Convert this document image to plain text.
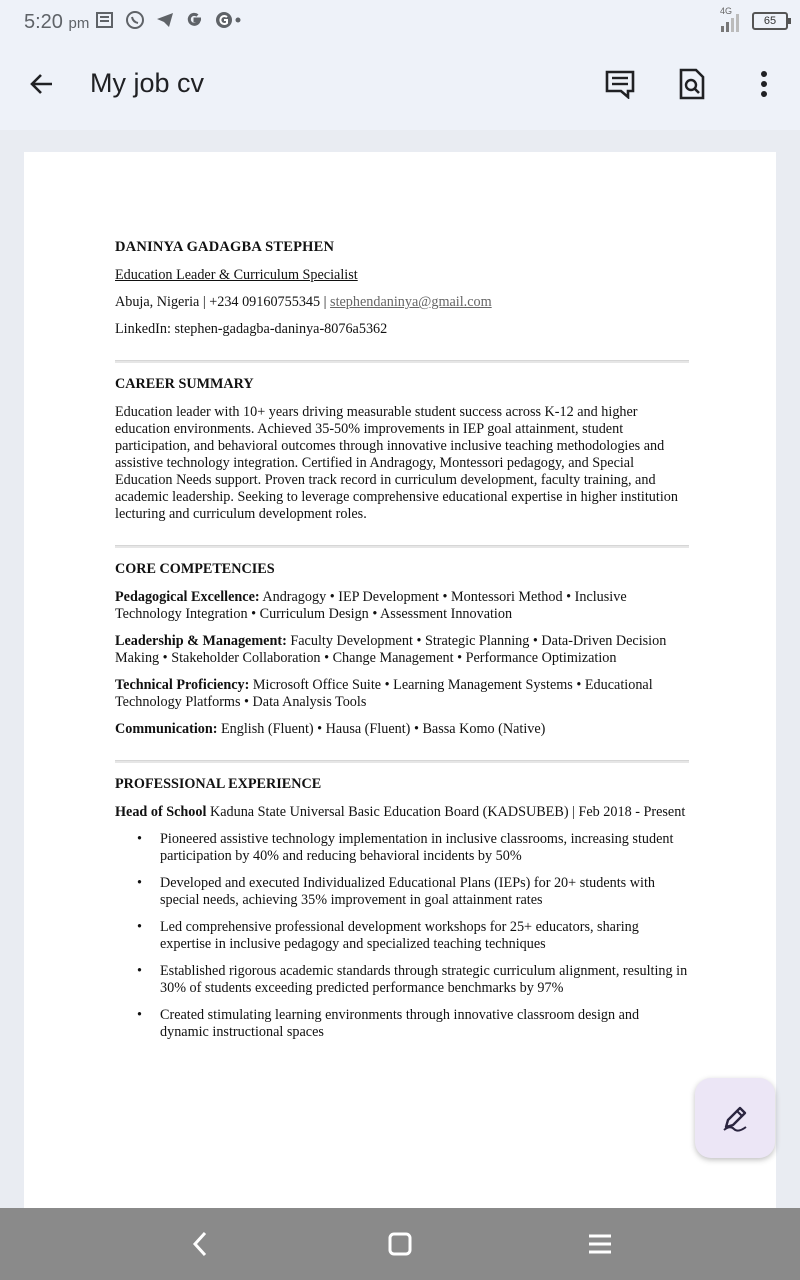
5:20 pm
4G
65
My job cv
DANINYA GADAGBA STEPHEN
Education Leader & Curriculum Specialist
Abuja, Nigeria | +234 09160755345 | stephendaninya@gmail.com
LinkedIn: stephen-gadagba-daninya-8076a5362
CAREER SUMMARY
Education leader with 10+ years driving measurable student success across K-12 and higher education environments. Achieved 35-50% improvements in IEP goal attainment, student participation, and behavioral outcomes through innovative inclusive teaching methodologies and assistive technology integration. Certified in Andragogy, Montessori pedagogy, and Special Education Needs support. Proven track record in curriculum development, faculty training, and academic leadership. Seeking to leverage comprehensive educational expertise in higher institution lecturing and curriculum development roles.
CORE COMPETENCIES
Pedagogical Excellence: Andragogy • IEP Development • Montessori Method • Inclusive Technology Integration • Curriculum Design • Assessment Innovation
Leadership & Management: Faculty Development • Strategic Planning • Data-Driven Decision Making • Stakeholder Collaboration • Change Management • Performance Optimization
Technical Proficiency: Microsoft Office Suite • Learning Management Systems • Educational Technology Platforms • Data Analysis Tools
Communication: English (Fluent) • Hausa (Fluent) • Bassa Komo (Native)
PROFESSIONAL EXPERIENCE
Head of School Kaduna State Universal Basic Education Board (KADSUBEB) | Feb 2018 - Present
• Pioneered assistive technology implementation in inclusive classrooms, increasing student participation by 40% and reducing behavioral incidents by 50%
• Developed and executed Individualized Educational Plans (IEPs) for 20+ students with special needs, achieving 35% improvement in goal attainment rates
• Led comprehensive professional development workshops for 25+ educators, sharing expertise in inclusive pedagogy and specialized teaching techniques
• Established rigorous academic standards through strategic curriculum alignment, resulting in 30% of students exceeding predicted performance benchmarks by 97%
• Created stimulating learning environments through innovative classroom design and dynamic instructional spaces
